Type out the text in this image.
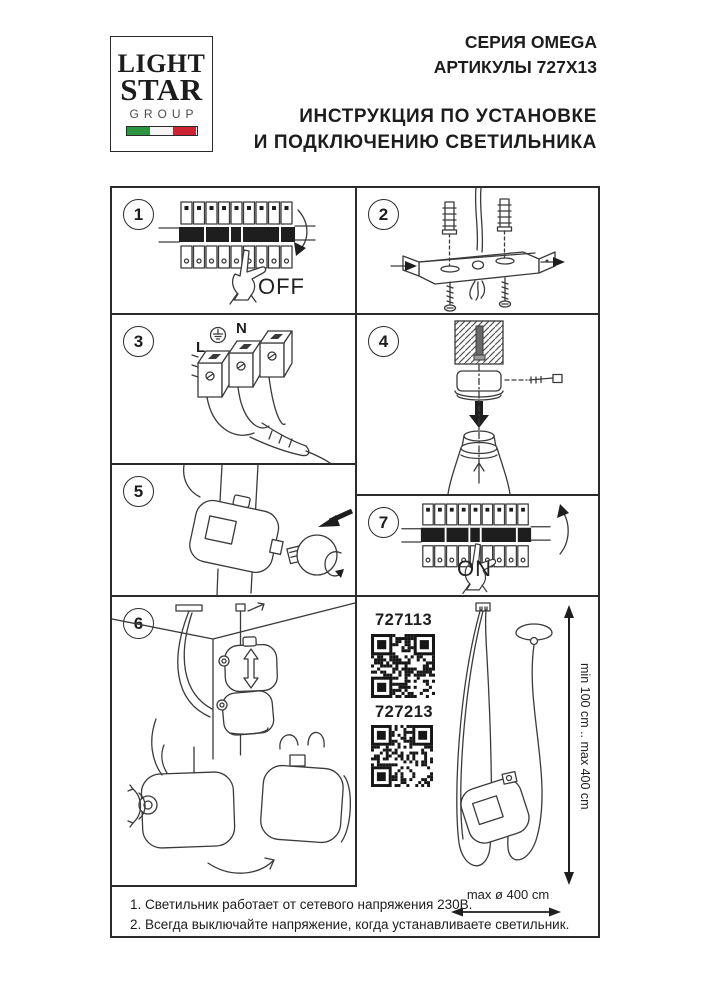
LIGHT
STAR
GROUP
СЕРИЯ OMEGA
АРТИКУЛЫ 727X13
ИНСТРУКЦИЯ ПО УСТАНОВКЕ
И ПОДКЛЮЧЕНИЮ СВЕТИЛЬНИКА
1
OFF
2
3	L
N
4
5
7
ON
6	727113
727213	min 100 cm .. max 400 cm
max ø 400 cm
1. Светильник работает от сетевого напряжения 230В.
2. Всегда выключайте напряжение, когда устанавливаете светильник.
